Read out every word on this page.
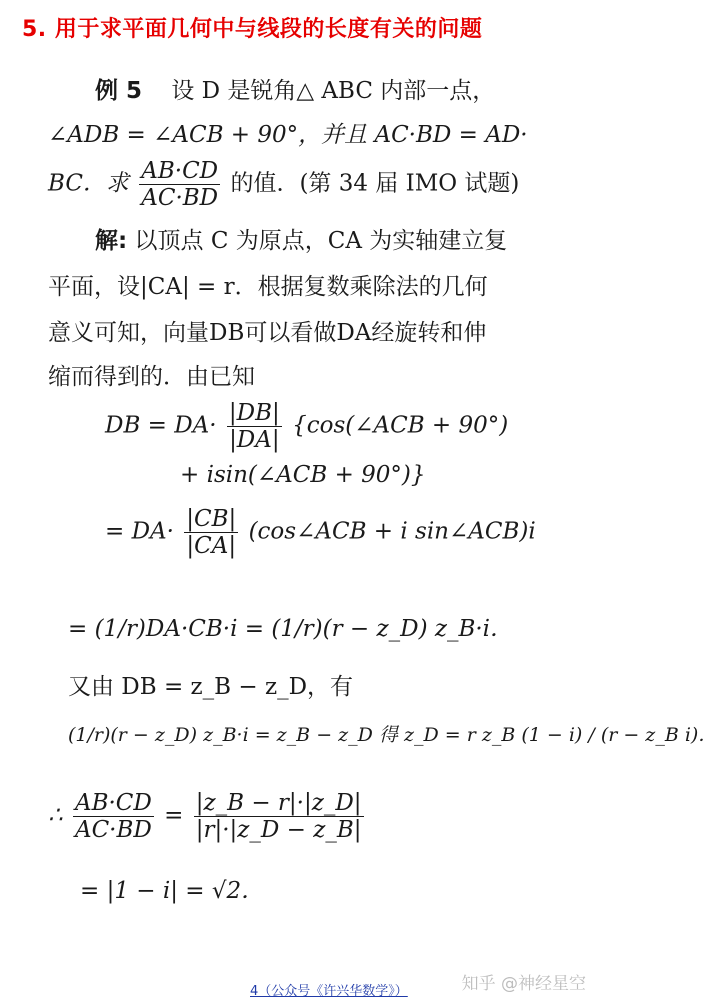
5. 用于求平面几何中与线段的长度有关的问题
例 5 设 D 是锐角△ ABC 内部一点，
∠ADB = ∠ACB + 90°，并且 AC·BD = AD·
BC．求 $\frac{AB\cdot CD}{AC\cdot BD}$ 的值．(第 34 届 IMO 试题)
解: 以顶点 C 为原点，CA 为实轴建立复
平面，设|CA| = r．根据复数乘除法的几何
意义可知，向量DB可以看做DA经旋转和伸
缩而得到的．由已知
DB = $DA\cdot \frac{|DB|}{|DA|}$ {cos(∠ACB + 90°)
+ isin(∠ACB + 90°)}
= $DA\cdot \frac{|CB|}{|CA|}$ (cos∠ACB + i sin∠ACB)i
= (1/r)DA·CB·i = (1/r)(r − z_D) z_B·i．
又由 DB = z_B − z_D，有
(1/r)(r − z_D) z_B·i = z_B − z_D 得 z_D = r z_B (1 − i) / (r − z_B i)．
∴ $\frac{AB\cdot CD}{AC\cdot BD} = \frac{|z\_B - r|\cdot|z\_D|}{|r|\cdot|z\_D - z\_B|}$
= |1 − i| = √2．
知乎 @神经星空
4（公众号《许兴华数学》）
